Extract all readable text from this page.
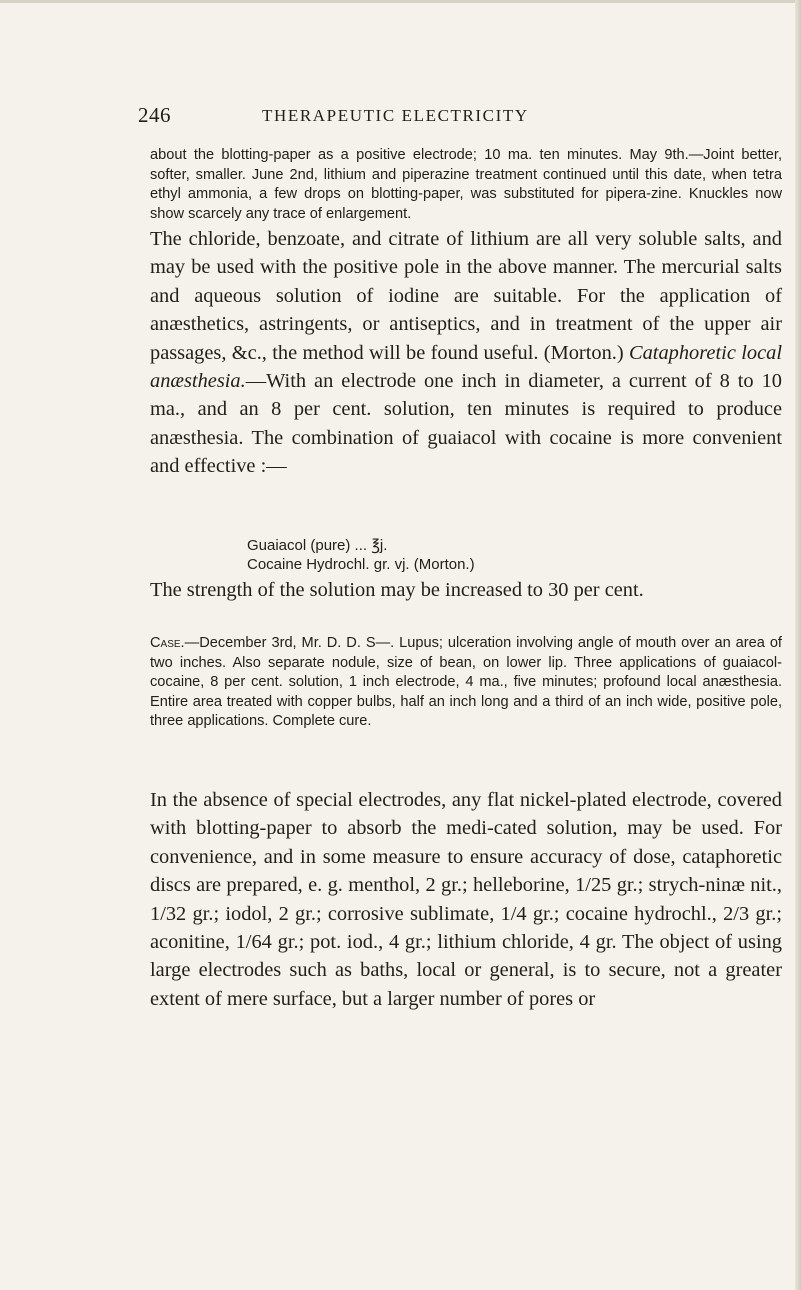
246	THERAPEUTIC ELECTRICITY

about the blotting-paper as a positive electrode; 10 ma. ten minutes. May 9th.—Joint better, softer, smaller. June 2nd, lithium and piperazine treatment continued until this date, when tetra ethyl ammonia, a few drops on blotting-paper, was substituted for pipera-zine. Knuckles now show scarcely any trace of enlargement.

The chloride, benzoate, and citrate of lithium are all very soluble salts, and may be used with the positive pole in the above manner. The mercurial salts and aqueous solution of iodine are suitable. For the application of anæsthetics, astringents, or antiseptics, and in treatment of the upper air passages, &c., the method will be found useful. (Morton.) Cataphoretic local anæsthesia.—With an electrode one inch in diameter, a current of 8 to 10 ma., and an 8 per cent. solution, ten minutes is required to produce anæsthesia. The combination of guaiacol with cocaine is more convenient and effective :—

Guaiacol (pure) ... ℥j.
Cocaine Hydrochl. gr. vj. (Morton.)

The strength of the solution may be increased to 30 per cent.

Case.—December 3rd, Mr. D. D. S—. Lupus; ulceration involving angle of mouth over an area of two inches. Also separate nodule, size of bean, on lower lip. Three applications of guaiacol-cocaine, 8 per cent. solution, 1 inch electrode, 4 ma., five minutes; profound local anæsthesia. Entire area treated with copper bulbs, half an inch long and a third of an inch wide, positive pole, three applications. Complete cure.

In the absence of special electrodes, any flat nickel-plated electrode, covered with blotting-paper to absorb the medi-cated solution, may be used. For convenience, and in some measure to ensure accuracy of dose, cataphoretic discs are prepared, e. g. menthol, 2 gr.; helleborine, 1/25 gr.; strych-ninæ nit., 1/32 gr.; iodol, 2 gr.; corrosive sublimate, 1/4 gr.; cocaine hydrochl., 2/3 gr.; aconitine, 1/64 gr.; pot. iod., 4 gr.; lithium chloride, 4 gr. The object of using large electrodes such as baths, local or general, is to secure, not a greater extent of mere surface, but a larger number of pores or
